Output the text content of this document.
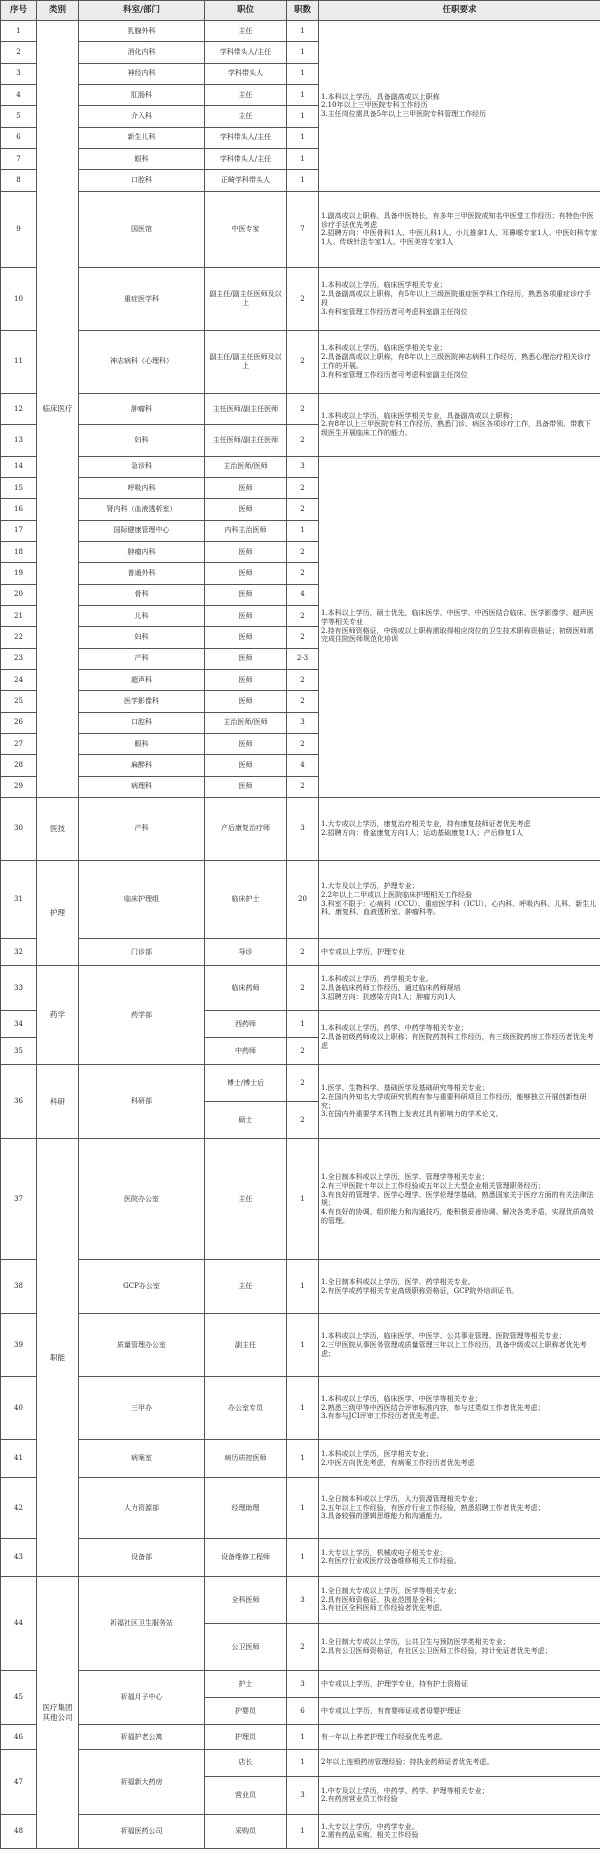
序号	类别	科室/部门	职位	职数	任职要求
1	临床医疗	乳腺外科	主任	1	1.本科以上学历，具备副高或以上职称
2.10年以上三甲医院专科工作经历
3.主任岗位需具备5年以上三甲医院专科管理工作经历

2		消化内科	学科带头人/主任	1	
3		神经内科	学科带头人	1	
4		肛肠科	主任	1	
5		介入科	主任	1	
6		新生儿科	学科带头人/主任	1	
7		眼科	学科带头人/主任	1	
8		口腔科	正畸学科带头人	1	
9		国医馆	中医专家	7	1.副高或以上职称，具备中医特长，有多年三甲医院或知名中医堂工作经历；有特色中医诊疗手法优先考虑
2.招聘方向：中医骨科1人、中医儿科1人、小儿推拿1人、耳鼻喉专家1人、中医妇科专家1人、传统针法专家1人、中医美容专家1人

10		重症医学科	副主任/副主任医师及以上	2	1.本科或以上学历，临床医学相关专业；
2.具备副高或以上职称，有5年以上三级医院重症医学科工作经历，熟悉各项重症诊疗手段
3.有科室管理工作经历者可考虑科室副主任岗位

11		神志病科（心理科）	副主任/副主任医师及以上	2	1.本科或以上学历，临床医学相关专业；
2.具备副高或以上职称，有8年以上三级医院神志病科工作经历，熟悉心理治疗相关诊疗工作的开展。
3.有科室管理工作经历者可考虑科室副主任岗位

12		肿瘤科	主任医师/副主任医师	2	1.本科或以上学历，临床医学相关专业，具备副高或以上职称；
2.有8年以上三甲医院专科工作经历，熟悉门诊、病区各项诊疗工作，具备带领、带教下级医生开展临床工作的能力。

13		妇科	主任医师/副主任医师	2	
14		急诊科	主治医师/医师	3	1.本科以上学历，硕士优先，临床医学、中医学、中西医结合临床、医学影像学、超声医学等相关专业
2.持有医师资格证，中级或以上职称需取得相应岗位的卫生技术职称资格证；初级医师需完成住院医师规范化培训

15		呼吸内科	医师	2	
16		肾内科（血液透析室）	医师	2	
17		国际健康管理中心	内科主治医师	1	
18		肿瘤内科	医师	2	
19		普通外科	医师	2	
20		骨科	医师	4	
21		儿科	医师	2	
22		妇科	医师	2	
23		产科	医师	2-3	
24		超声科	医师	2	
25		医学影像科	医师	2	
26		口腔科	主治医师/医师	3	
27		眼科	医师	2	
28		麻醉科	医师	4	
29		病理科	医师	2	
30	医技	产科	产后康复治疗师	3	1.大专或以上学历，康复治疗相关专业，持有康复技师证者优先考虑
2.招聘方向：骨盆康复方向1人；运动基础康复1人；产后修复1人

31	护理	临床护理组	临床护士	20	1.大专及以上学历，护理专业；
2.2年以上二甲或以上医院临床护理相关工作经验
3.科室不限于：心病科（CCU）、重症医学科（ICU）、心内科、呼吸内科、儿科、新生儿科、康复科、血液透析室、肿瘤科等。

32		门诊部	导诊	2	中专或以上学历，护理专业

33	药学	药学部	临床药师	2	1.本科或以上学历，药学相关专业。
2.具备临床药师工作经历，通过临床药师规培
3.招聘方向：抗感染方向1人；肿瘤方向1人

34			西药师	1	1.本科或以上学历，药学、中药学等相关专业；
2.具备初级药师或以上职称；有医院药剂科工作经历，有三级医院药房工作经历者优先考虑

35			中药师	2	
36	科研	科研部	博士/博士后	2	1.医学、生物科学、基础医学及基础研究等相关专业；
2.在国内外知名大学或研究机构有参与重要科研项目工作经历，能够独立开展创新性研究；
3.在国内外重要学术刊物上发表过具有影响力的学术论文。

			硕士	2	
37	职能	医院办公室	主任	1	1.全日制本科或以上学历，医学、管理学等相关专业；
2.有三甲医院十年以上工作经验或五年以上大型企业相关管理职务经历；
3.有良好的管理学、医学心理学、医学伦理学基础，熟悉国家关于医疗方面的有关法律法规；
4.有良好的协调、组织能力和沟通技巧，能积极妥善协调、解决各类矛盾，实现优质高效的管理。

38		GCP办公室	主任	1	1.全日制本科或以上学历，医学、药学相关专业。
2.有医学或药学相关专业高级职称资格证，GCP院外培训证书。

39		质量管理办公室	副主任	1	1.本科或以上学历，临床医学、中医学、公共事业管理、医院管理等相关专业；
2.三甲医院从事医务管理或质量管理三年以上工作经历，具备中级或以上职称者优先考虑；

40		三甲办	办公室专员	1	1.本科或以上学历，临床医学、中医学等相关专业；
2.熟悉三级甲等中西医结合评审标准内容，参与过类似工作者优先考虑；
3.有参与JCI评审工作经历者优先考虑。

41		病案室	病历质控医师	1	1.本科或以上学历，医学相关专业；
2.中医方向优先考虑，有病案工作经历者优先考虑

42		人力资源部	经理助理	1	1.全日制本科或以上学历，人力资源管理相关专业；
2.五年以上工作经验，有医疗行业工作经验，熟悉招聘工作者优先考虑；
3.具备较强的逻辑思维能力和沟通能力。

43		设备部	设备维修工程师	1	1.大专以上学历，机械或电子相关专业；
2.有医疗行业或医疗设备维修相关工作经验。

44	医疗集团其他公司	祈福社区卫生服务站	全科医师	3	1.全日制大专或以上学历，医学等相关专业；
2.具有医师资格证、执业范围是全科；
3.有社区全科医师工作经验者优先考虑。

			公卫医师	2	1.全日制大专或以上学历，公共卫生与预防医学类相关专业；
2.具有公卫医师资格证，有社区公卫医师工作经验，持计免证者优先考虑；

45		祈福月子中心	护士	3	中专或以上学历，护理学专业，持有护士资格证

			护婴员	6	中专或以上学历，有育婴师证或者母婴护理证

46		祈福护老公寓	护理员	1	有一年以上养老护理工作经验优先考虑。

47		祈福新大药房	店长	1	2年以上连锁药房管理经验；持执业药师证者优先考虑。

			营业员	3	1.中专及以上学历，中药学、药学、护理等相关专业；
2.有药房营业员工作经验

48		祈福医药公司	采购员	1	1.大专以上学历，中药学专业。
2.需有药品采购、相关工作经验
